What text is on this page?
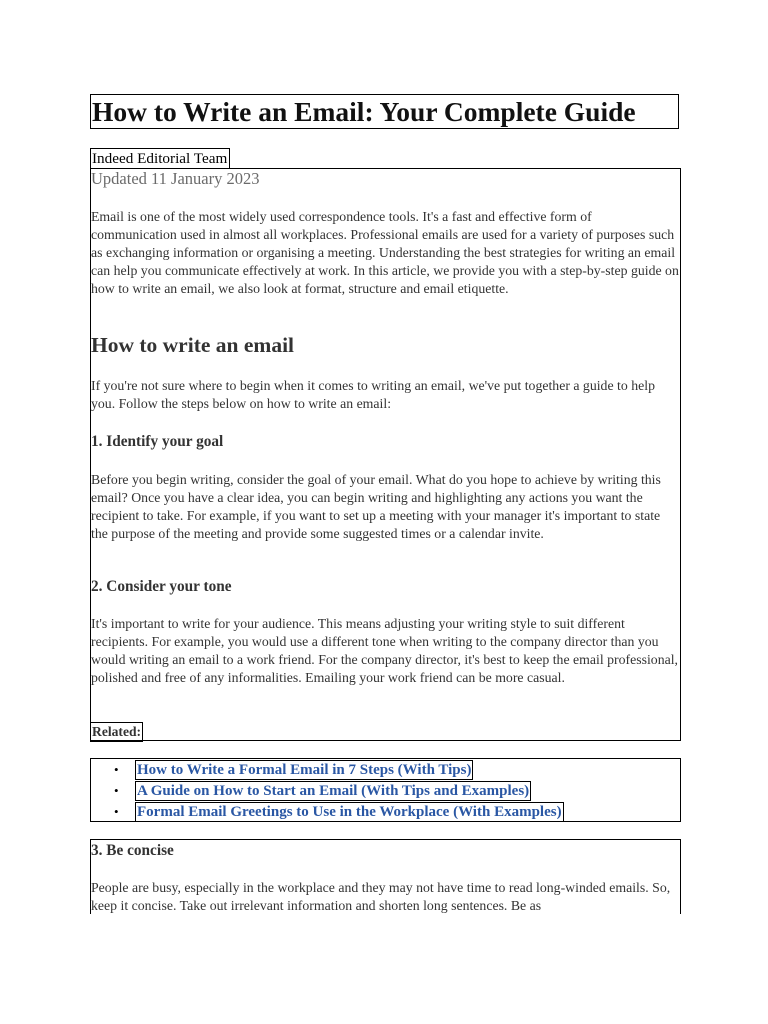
How to Write an Email: Your Complete Guide
Indeed Editorial Team
Updated 11 January 2023

Email is one of the most widely used correspondence tools. It's a fast and effective form of communication used in almost all workplaces. Professional emails are used for a variety of purposes such as exchanging information or organising a meeting. Understanding the best strategies for writing an email can help you communicate effectively at work. In this article, we provide you with a step-by-step guide on how to write an email, we also look at format, structure and email etiquette.

How to write an email

If you're not sure where to begin when it comes to writing an email, we've put together a guide to help you. Follow the steps below on how to write an email:

1. Identify your goal

Before you begin writing, consider the goal of your email. What do you hope to achieve by writing this email? Once you have a clear idea, you can begin writing and highlighting any actions you want the recipient to take. For example, if you want to set up a meeting with your manager it's important to state the purpose of the meeting and provide some suggested times or a calendar invite.

2. Consider your tone

It's important to write for your audience. This means adjusting your writing style to suit different recipients. For example, you would use a different tone when writing to the company director than you would writing an email to a work friend. For the company director, it's best to keep the email professional, polished and free of any informalities. Emailing your work friend can be more casual.

Related:
• How to Write a Formal Email in 7 Steps (With Tips)
• A Guide on How to Start an Email (With Tips and Examples)
• Formal Email Greetings to Use in the Workplace (With Examples)
3. Be concise

People are busy, especially in the workplace and they may not have time to read long-winded emails. So, keep it concise. Take out irrelevant information and shorten long sentences. Be as
